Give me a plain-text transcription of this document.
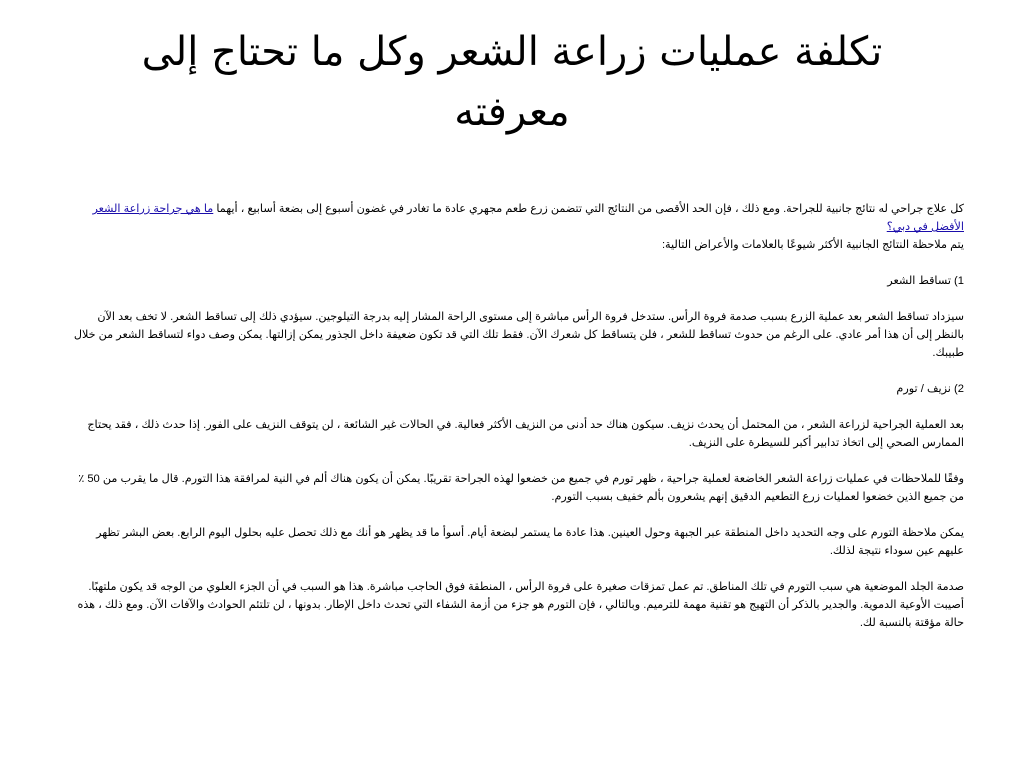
تكلفة عمليات زراعة الشعر وكل ما تحتاج إلى معرفته

كل علاج جراحي له نتائج جانبية للجراحة. ومع ذلك ، فإن الحد الأقصى من النتائج التي تتضمن زرع طعم مجهري عادة ما تغادر في غضون أسبوع إلى بضعة أسابيع ، أيهما ما هي جراحة زراعة الشعر الأفضل في دبي؟

يتم ملاحظة النتائج الجانبية الأكثر شيوعًا بالعلامات والأعراض التالية:

1) تساقط الشعر

سيزداد تساقط الشعر بعد عملية الزرع بسبب صدمة فروة الرأس. ستدخل فروة الرأس مباشرة إلى مستوى الراحة المشار إليه بدرجة التيلوجين. سيؤدي ذلك إلى تساقط الشعر. لا تخف بعد الآن بالنظر إلى أن هذا أمر عادي. على الرغم من حدوث تساقط للشعر ، فلن يتساقط كل شعرك الآن. فقط تلك التي قد تكون ضعيفة داخل الجذور يمكن إزالتها. يمكن وصف دواء لتساقط الشعر من خلال طبيبك.

2) نزيف / تورم

بعد العملية الجراحية لزراعة الشعر ، من المحتمل أن يحدث نزيف. سيكون هناك حد أدنى من النزيف الأكثر فعالية. في الحالات غير الشائعة ، لن يتوقف النزيف على الفور. إذا حدث ذلك ، فقد يحتاج الممارس الصحي إلى اتخاذ تدابير أكبر للسيطرة على النزيف.

وفقًا للملاحظات في عمليات زراعة الشعر الخاضعة لعملية جراحية ، ظهر تورم في جميع من خضعوا لهذه الجراحة تقريبًا. يمكن أن يكون هناك ألم في النية لمرافقة هذا التورم. قال ما يقرب من 50 ٪ من جميع الذين خضعوا لعمليات زرع التطعيم الدقيق إنهم يشعرون بألم خفيف بسبب التورم.

يمكن ملاحظة التورم على وجه التحديد داخل المنطقة عبر الجبهة وحول العينين. هذا عادة ما يستمر لبضعة أيام. أسوأ ما قد يظهر هو أنك مع ذلك تحصل عليه بحلول اليوم الرابع. بعض البشر تظهر عليهم عين سوداء نتيجة لذلك.

صدمة الجلد الموضعية هي سبب التورم في تلك المناطق. تم عمل تمزقات صغيرة على فروة الرأس ، المنطقة فوق الحاجب مباشرة. هذا هو السبب في أن الجزء العلوي من الوجه قد يكون ملتهبًا. أصيبت الأوعية الدموية. والجدير بالذكر أن التهيج هو تقنية مهمة للترميم. وبالتالي ، فإن التورم هو جزء من أزمة الشفاء التي تحدث داخل الإطار. بدونها ، لن تلتئم الحوادث والآفات الآن. ومع ذلك ، هذه حالة مؤقتة بالنسبة لك.
